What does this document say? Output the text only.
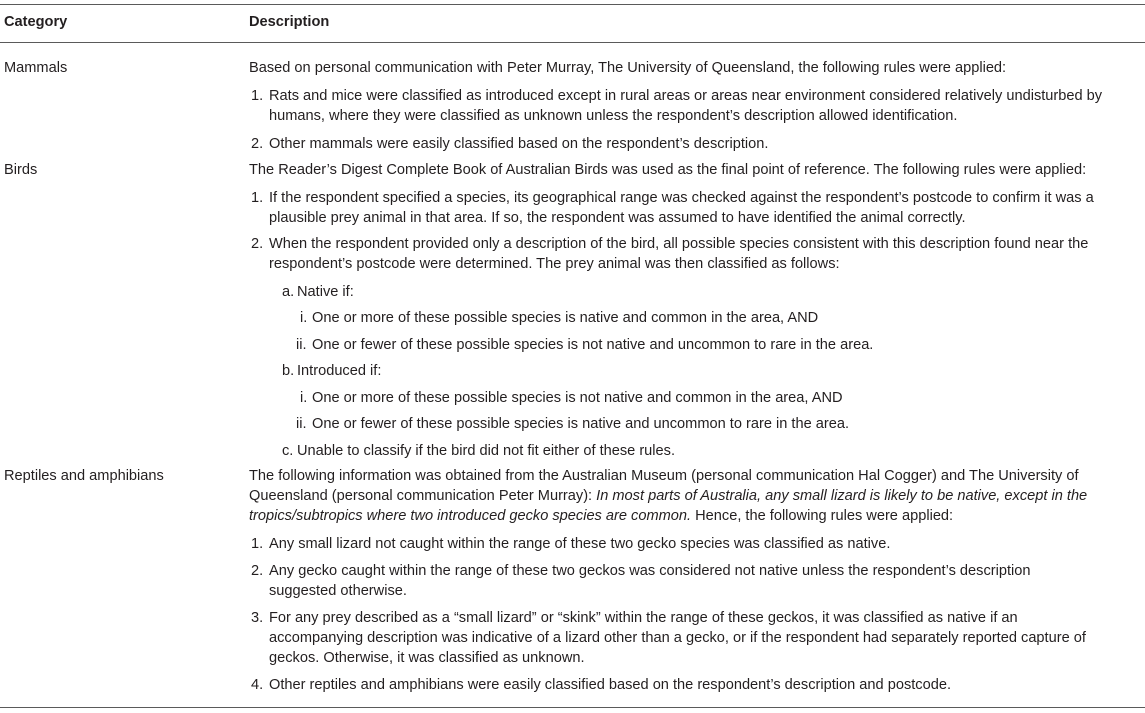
Category	Description
Mammals	Based on personal communication with Peter Murray, The University of Queensland, the following rules were applied:
1. Rats and mice were classified as introduced except in rural areas or areas near environment considered relatively undisturbed by
humans, where they were classified as unknown unless the respondent’s description allowed identification.
2. Other mammals were easily classified based on the respondent’s description.
Birds	The Reader’s Digest Complete Book of Australian Birds was used as the final point of reference. The following rules were applied:
1. If the respondent specified a species, its geographical range was checked against the respondent’s postcode to confirm it was a
plausible prey animal in that area. If so, the respondent was assumed to have identified the animal correctly.
2. When the respondent provided only a description of the bird, all possible species consistent with this description found near the
respondent’s postcode were determined. The prey animal was then classified as follows:
a. Native if:
i. One or more of these possible species is native and common in the area, AND
ii. One or fewer of these possible species is not native and uncommon to rare in the area.
b. Introduced if:
i. One or more of these possible species is not native and common in the area, AND
ii. One or fewer of these possible species is native and uncommon to rare in the area.
c. Unable to classify if the bird did not fit either of these rules.
Reptiles and amphibians	The following information was obtained from the Australian Museum (personal communication Hal Cogger) and The University of
Queensland (personal communication Peter Murray): In most parts of Australia, any small lizard is likely to be native, except in the
tropics/subtropics where two introduced gecko species are common. Hence, the following rules were applied:
1. Any small lizard not caught within the range of these two gecko species was classified as native.
2. Any gecko caught within the range of these two geckos was considered not native unless the respondent’s description
suggested otherwise.
3. For any prey described as a “small lizard” or “skink” within the range of these geckos, it was classified as native if an
accompanying description was indicative of a lizard other than a gecko, or if the respondent had separately reported capture of
geckos. Otherwise, it was classified as unknown.
4. Other reptiles and amphibians were easily classified based on the respondent’s description and postcode.
